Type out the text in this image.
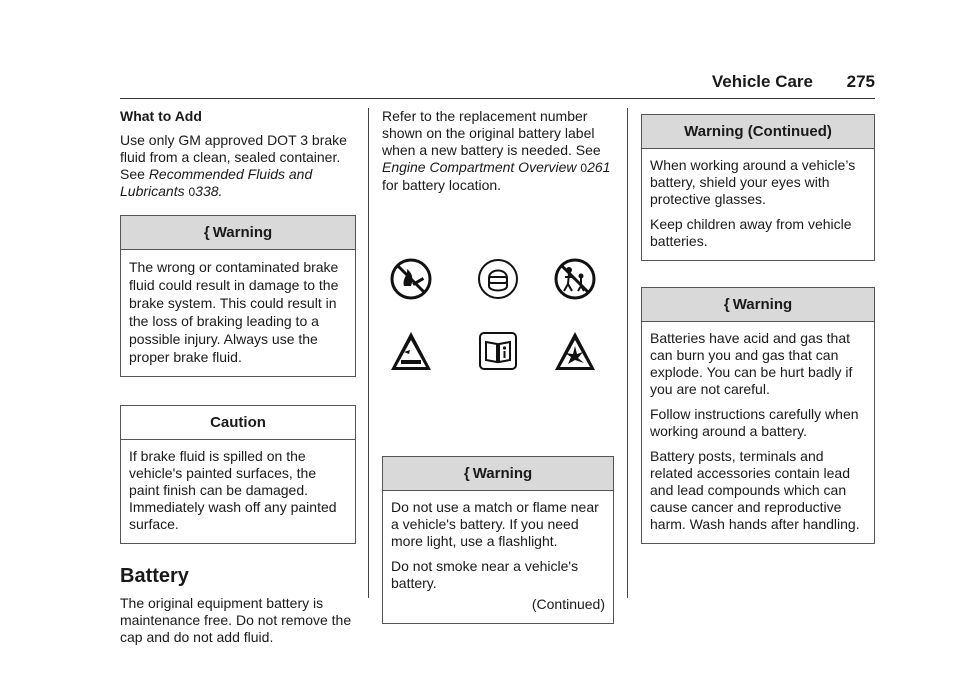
Vehicle Care 275

What to Add

Use only GM approved DOT 3 brake fluid from a clean, sealed container. See Recommended Fluids and Lubricants 0338.

{ Warning

The wrong or contaminated brake fluid could result in damage to the brake system. This could result in the loss of braking leading to a possible injury. Always use the proper brake fluid.

Caution

If brake fluid is spilled on the vehicle's painted surfaces, the paint finish can be damaged. Immediately wash off any painted surface.

Battery

The original equipment battery is maintenance free. Do not remove the cap and do not add fluid.

Refer to the replacement number shown on the original battery label when a new battery is needed. See Engine Compartment Overview 0261 for battery location.

{ Warning

Do not use a match or flame near a vehicle's battery. If you need more light, use a flashlight.

Do not smoke near a vehicle's battery.

(Continued)

Warning (Continued)

When working around a vehicle’s battery, shield your eyes with protective glasses.

Keep children away from vehicle batteries.

{ Warning

Batteries have acid and gas that can burn you and gas that can explode. You can be hurt badly if you are not careful.

Follow instructions carefully when working around a battery.

Battery posts, terminals and related accessories contain lead and lead compounds which can cause cancer and reproductive harm. Wash hands after handling.
